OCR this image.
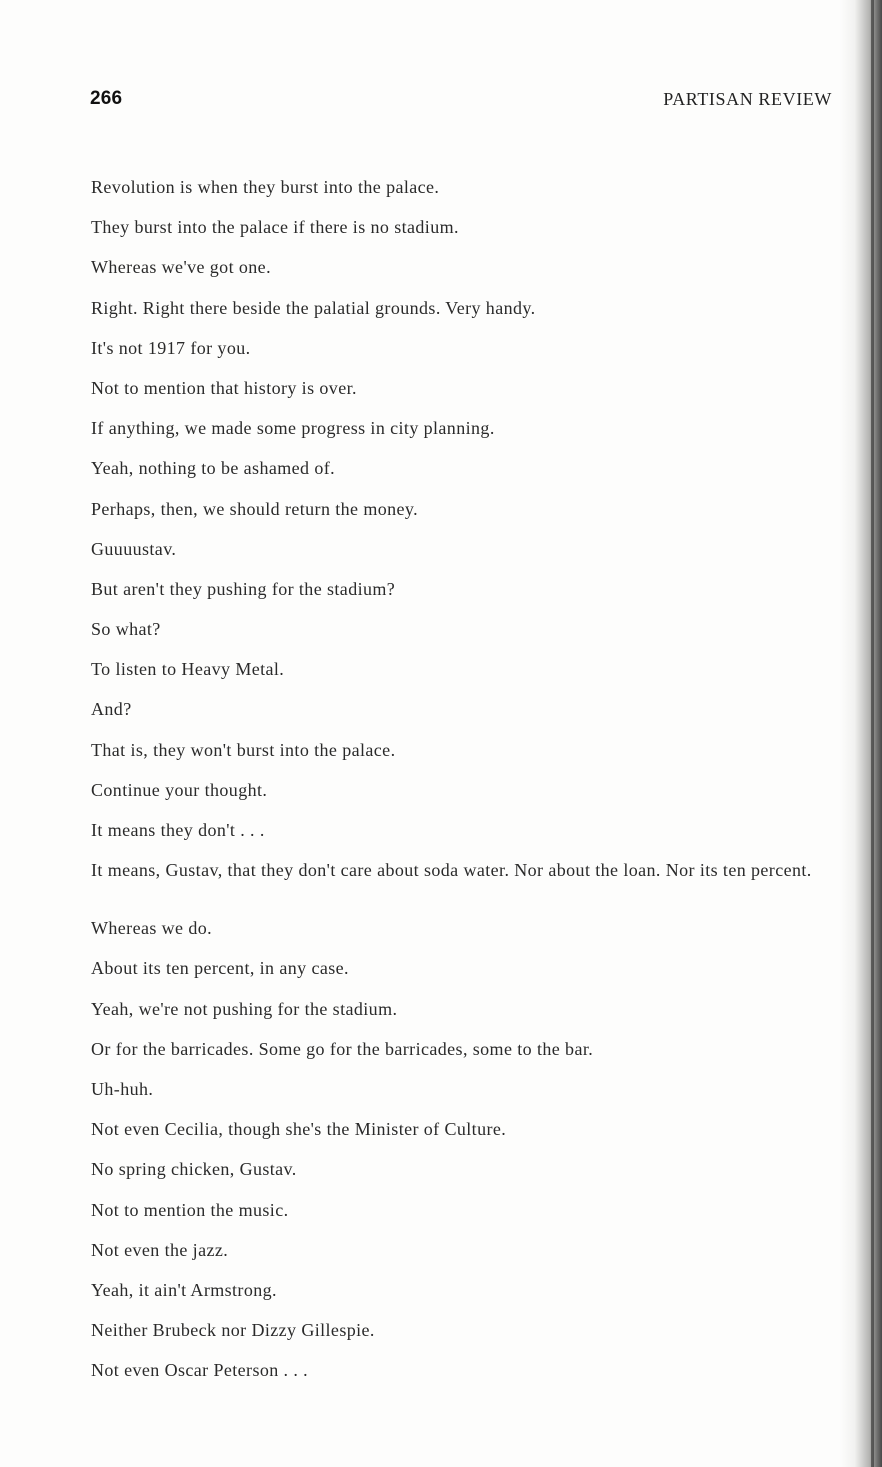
266	PARTISAN REVIEW

Revolution is when they burst into the palace.

They burst into the palace if there is no stadium.

Whereas we've got one.

Right. Right there beside the palatial grounds. Very handy.

It's not 1917 for you.

Not to mention that history is over.

If anything, we made some progress in city planning.

Yeah, nothing to be ashamed of.

Perhaps, then, we should return the money.

Guuuustav.

But aren't they pushing for the stadium?

So what?

To listen to Heavy Metal.

And?

That is, they won't burst into the palace.

Continue your thought.

It means they don't . . .

It means, Gustav, that they don't care about soda water. Nor about the loan. Nor its ten percent.

Whereas we do.

About its ten percent, in any case.

Yeah, we're not pushing for the stadium.

Or for the barricades. Some go for the barricades, some to the bar.

Uh-huh.

Not even Cecilia, though she's the Minister of Culture.

No spring chicken, Gustav.

Not to mention the music.

Not even the jazz.

Yeah, it ain't Armstrong.

Neither Brubeck nor Dizzy Gillespie.

Not even Oscar Peterson . . .
